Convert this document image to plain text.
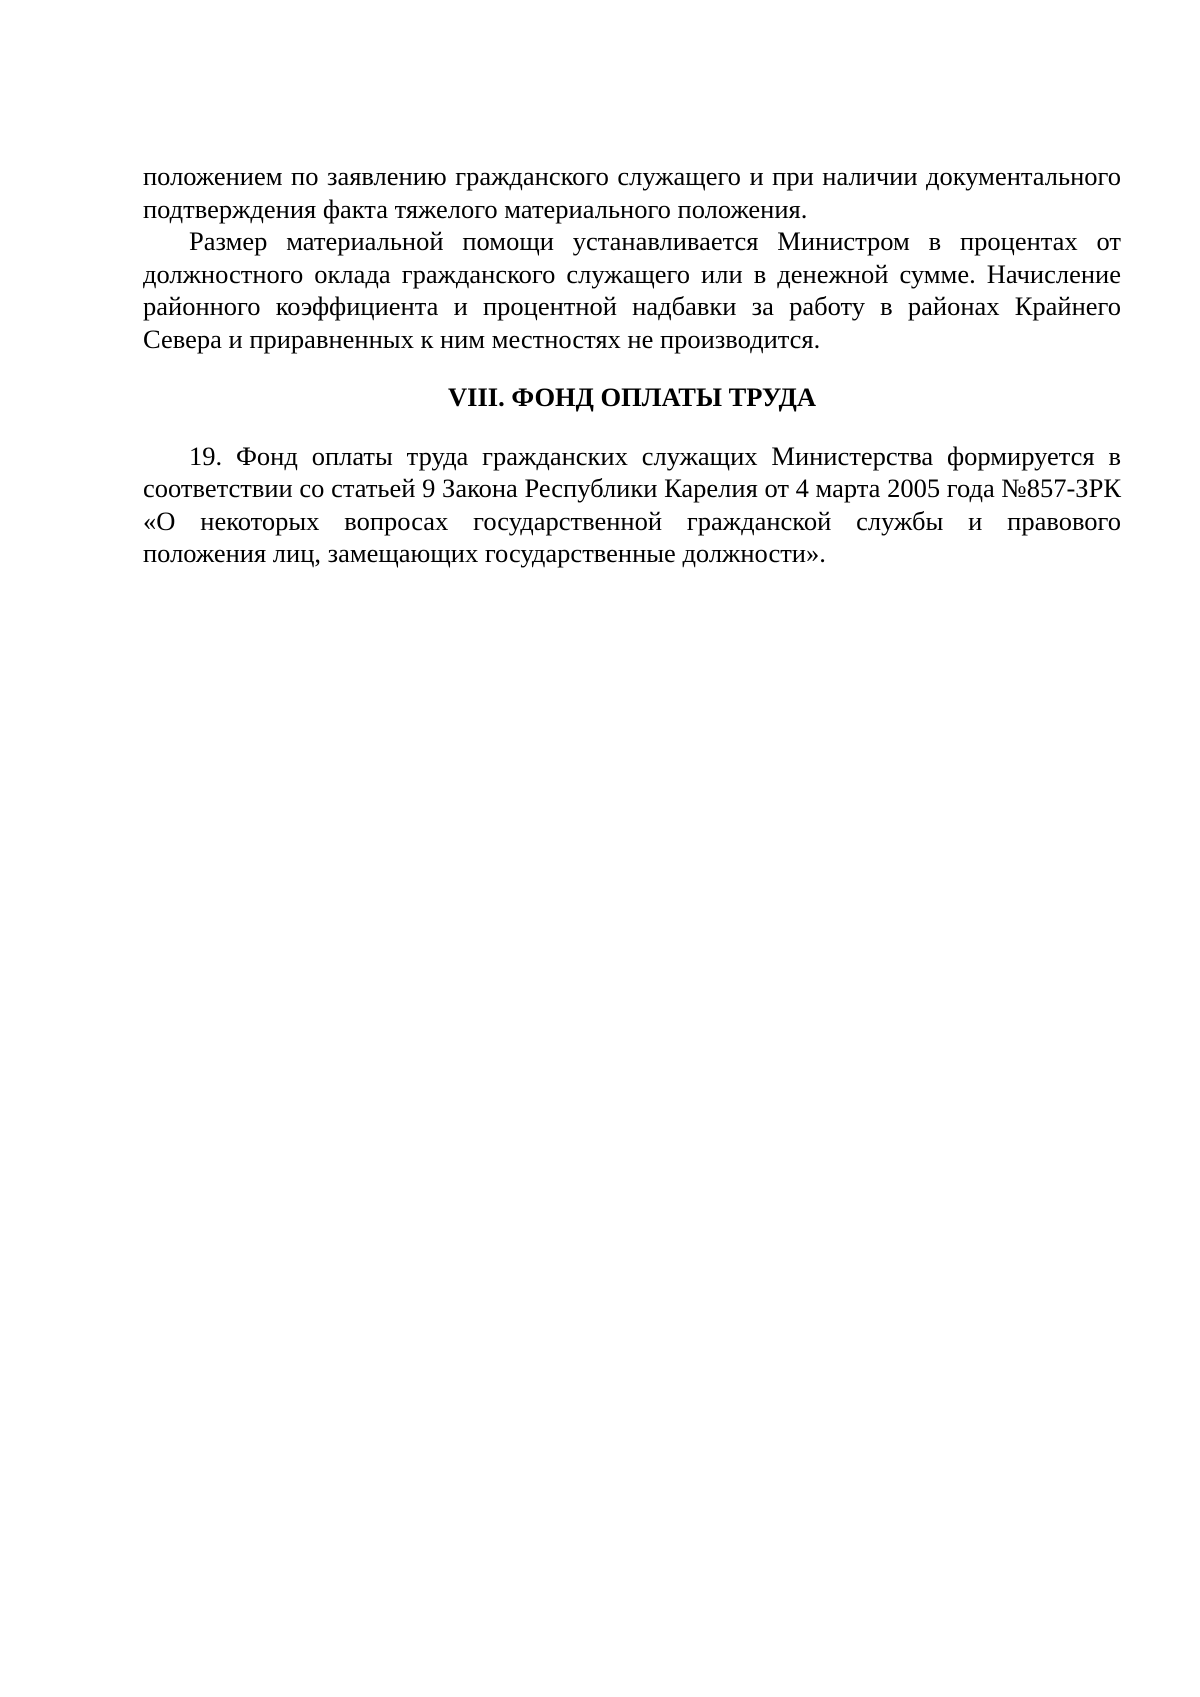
положением по заявлению гражданского служащего и при наличии документального подтверждения факта тяжелого материального положения.

Размер материальной помощи устанавливается Министром в процентах от должностного оклада гражданского служащего или в денежной сумме. Начисление районного коэффициента и процентной надбавки за работу в районах Крайнего Севера и приравненных к ним местностях не производится.

VIII. ФОНД ОПЛАТЫ ТРУДА

19. Фонд оплаты труда гражданских служащих Министерства формируется в соответствии со статьей 9 Закона Республики Карелия от 4 марта 2005 года №857-ЗРК «О некоторых вопросах государственной гражданской службы и правового положения лиц, замещающих государственные должности».
